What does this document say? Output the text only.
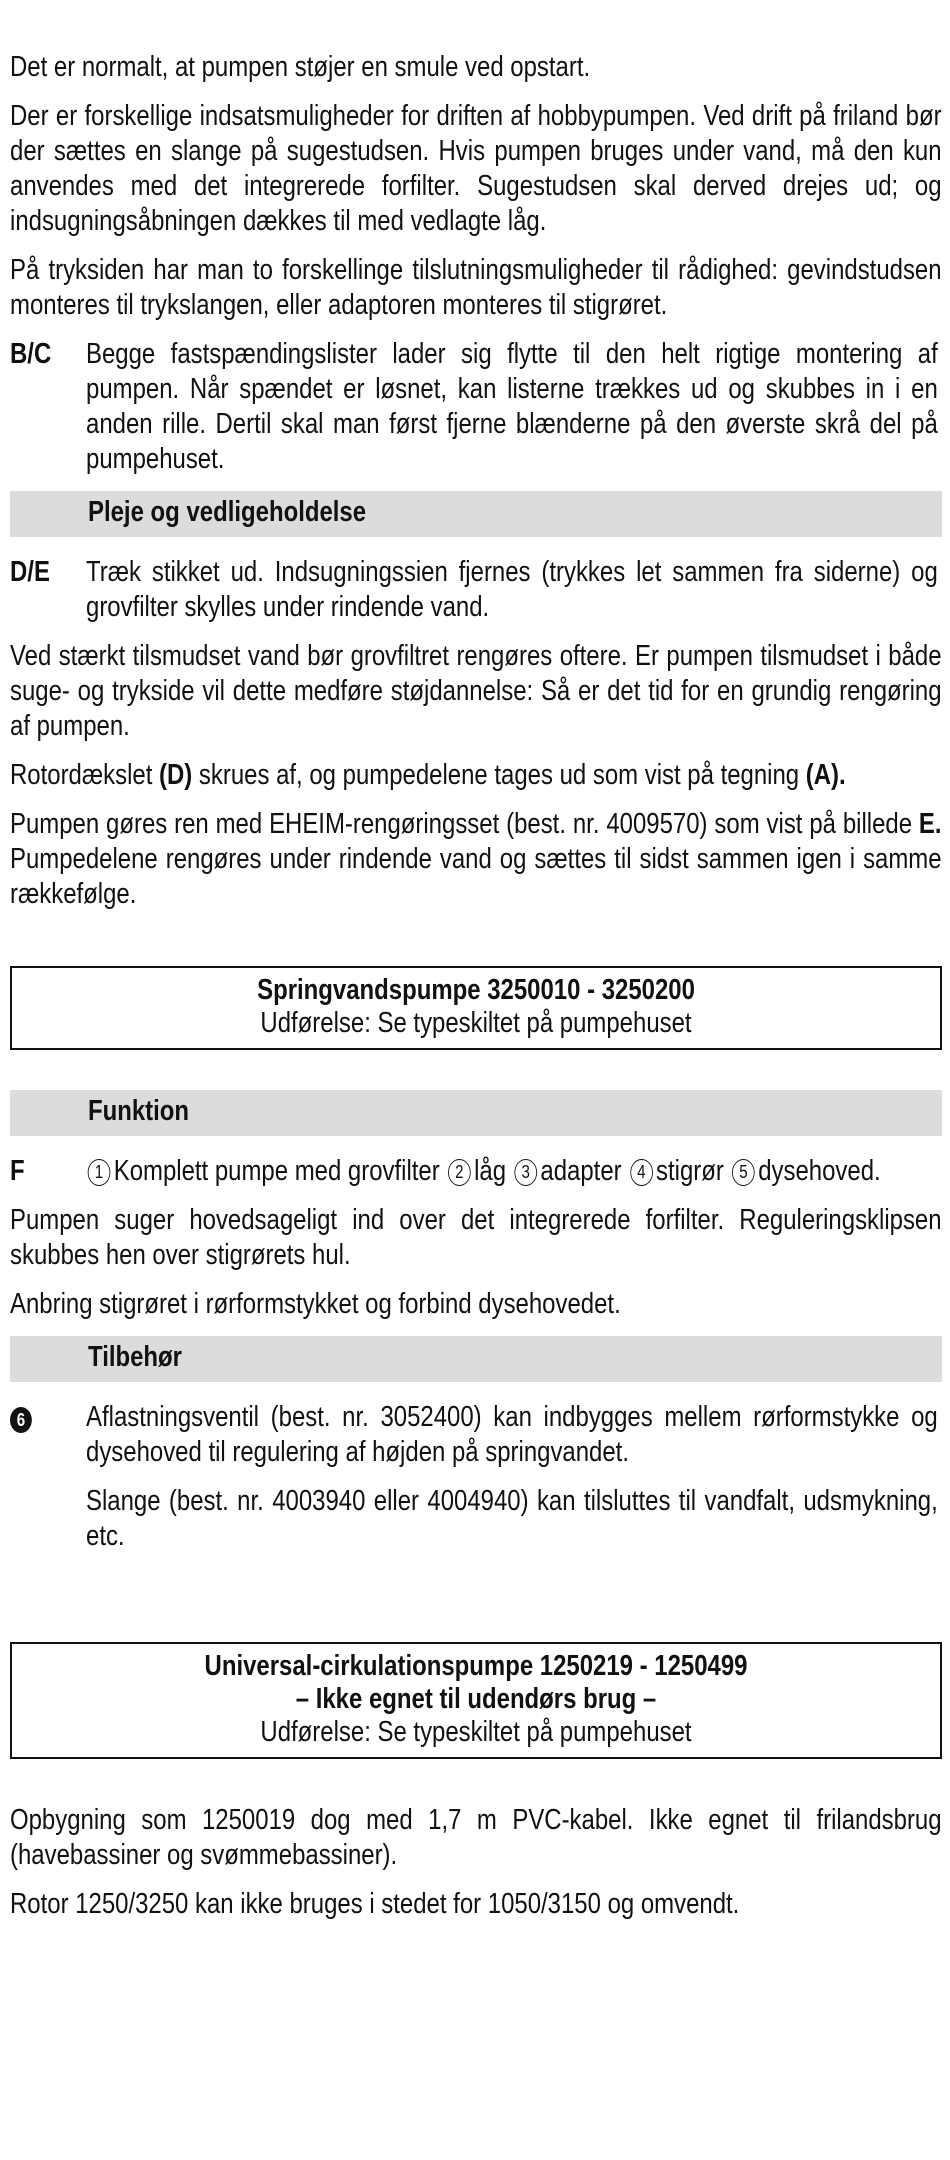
Det er normalt, at pumpen støjer en smule ved opstart.

Der er forskellige indsatsmuligheder for driften af hobbypumpen. Ved drift på friland bør der sættes en slange på sugestudsen. Hvis pumpen bruges under vand, må den kun anvendes med det integrerede forfilter. Sugestudsen skal derved drejes ud; og indsugningsåbningen dækkes til med vedlagte låg.

På tryksiden har man to forskellinge tilslutningsmuligheder til rådighed: gevindstudsen monteres til trykslangen, eller adaptoren monteres til stigrøret.

B/C	Begge fastspændingslister lader sig flytte til den helt rigtige montering af pumpen. Når spændet er løsnet, kan listerne trækkes ud og skubbes in i en anden rille. Dertil skal man først fjerne blænderne på den øverste skrå del på pumpehuset.
Pleje og vedligeholdelse
D/E	Træk stikket ud. Indsugningssien fjernes (trykkes let sammen fra siderne) og grovfilter skylles under rindende vand.

Ved stærkt tilsmudset vand bør grovfiltret rengøres oftere. Er pumpen tilsmudset i både suge- og trykside vil dette medføre støjdannelse: Så er det tid for en grundig rengøring af pumpen.

Rotordækslet (D) skrues af, og pumpedelene tages ud som vist på tegning (A).

Pumpen gøres ren med EHEIM-rengøringsset (best. nr. 4009570) som vist på billede E. Pumpedelene rengøres under rindende vand og sættes til sidst sammen igen i samme rækkefølge.

Springvandspumpe 3250010 - 3250200
Udførelse: Se typeskiltet på pumpehuset
Funktion
F	1 Komplett pumpe med grovfilter 2 låg 3 adapter 4 stigrør 5 dysehoved.

Pumpen suger hovedsageligt ind over det integrerede forfilter. Reguleringsklipsen skubbes hen over stigrørets hul.

Anbring stigrøret i rørformstykket og forbind dysehovedet.

Tilbehør
6	Aflastningsventil (best. nr. 3052400) kan indbygges mellem rørformstykke og dysehoved til regulering af højden på springvandet.
Slange (best. nr. 4003940 eller 4004940) kan tilsluttes til vandfalt, udsmykning, etc.
Universal-cirkulationspumpe 1250219 - 1250499
– Ikke egnet til udendørs brug –
Udførelse: Se typeskiltet på pumpehuset

Opbygning som 1250019 dog med 1,7 m PVC-kabel. Ikke egnet til frilandsbrug (havebassiner og svømmebassiner).

Rotor 1250/3250 kan ikke bruges i stedet for 1050/3150 og omvendt.
